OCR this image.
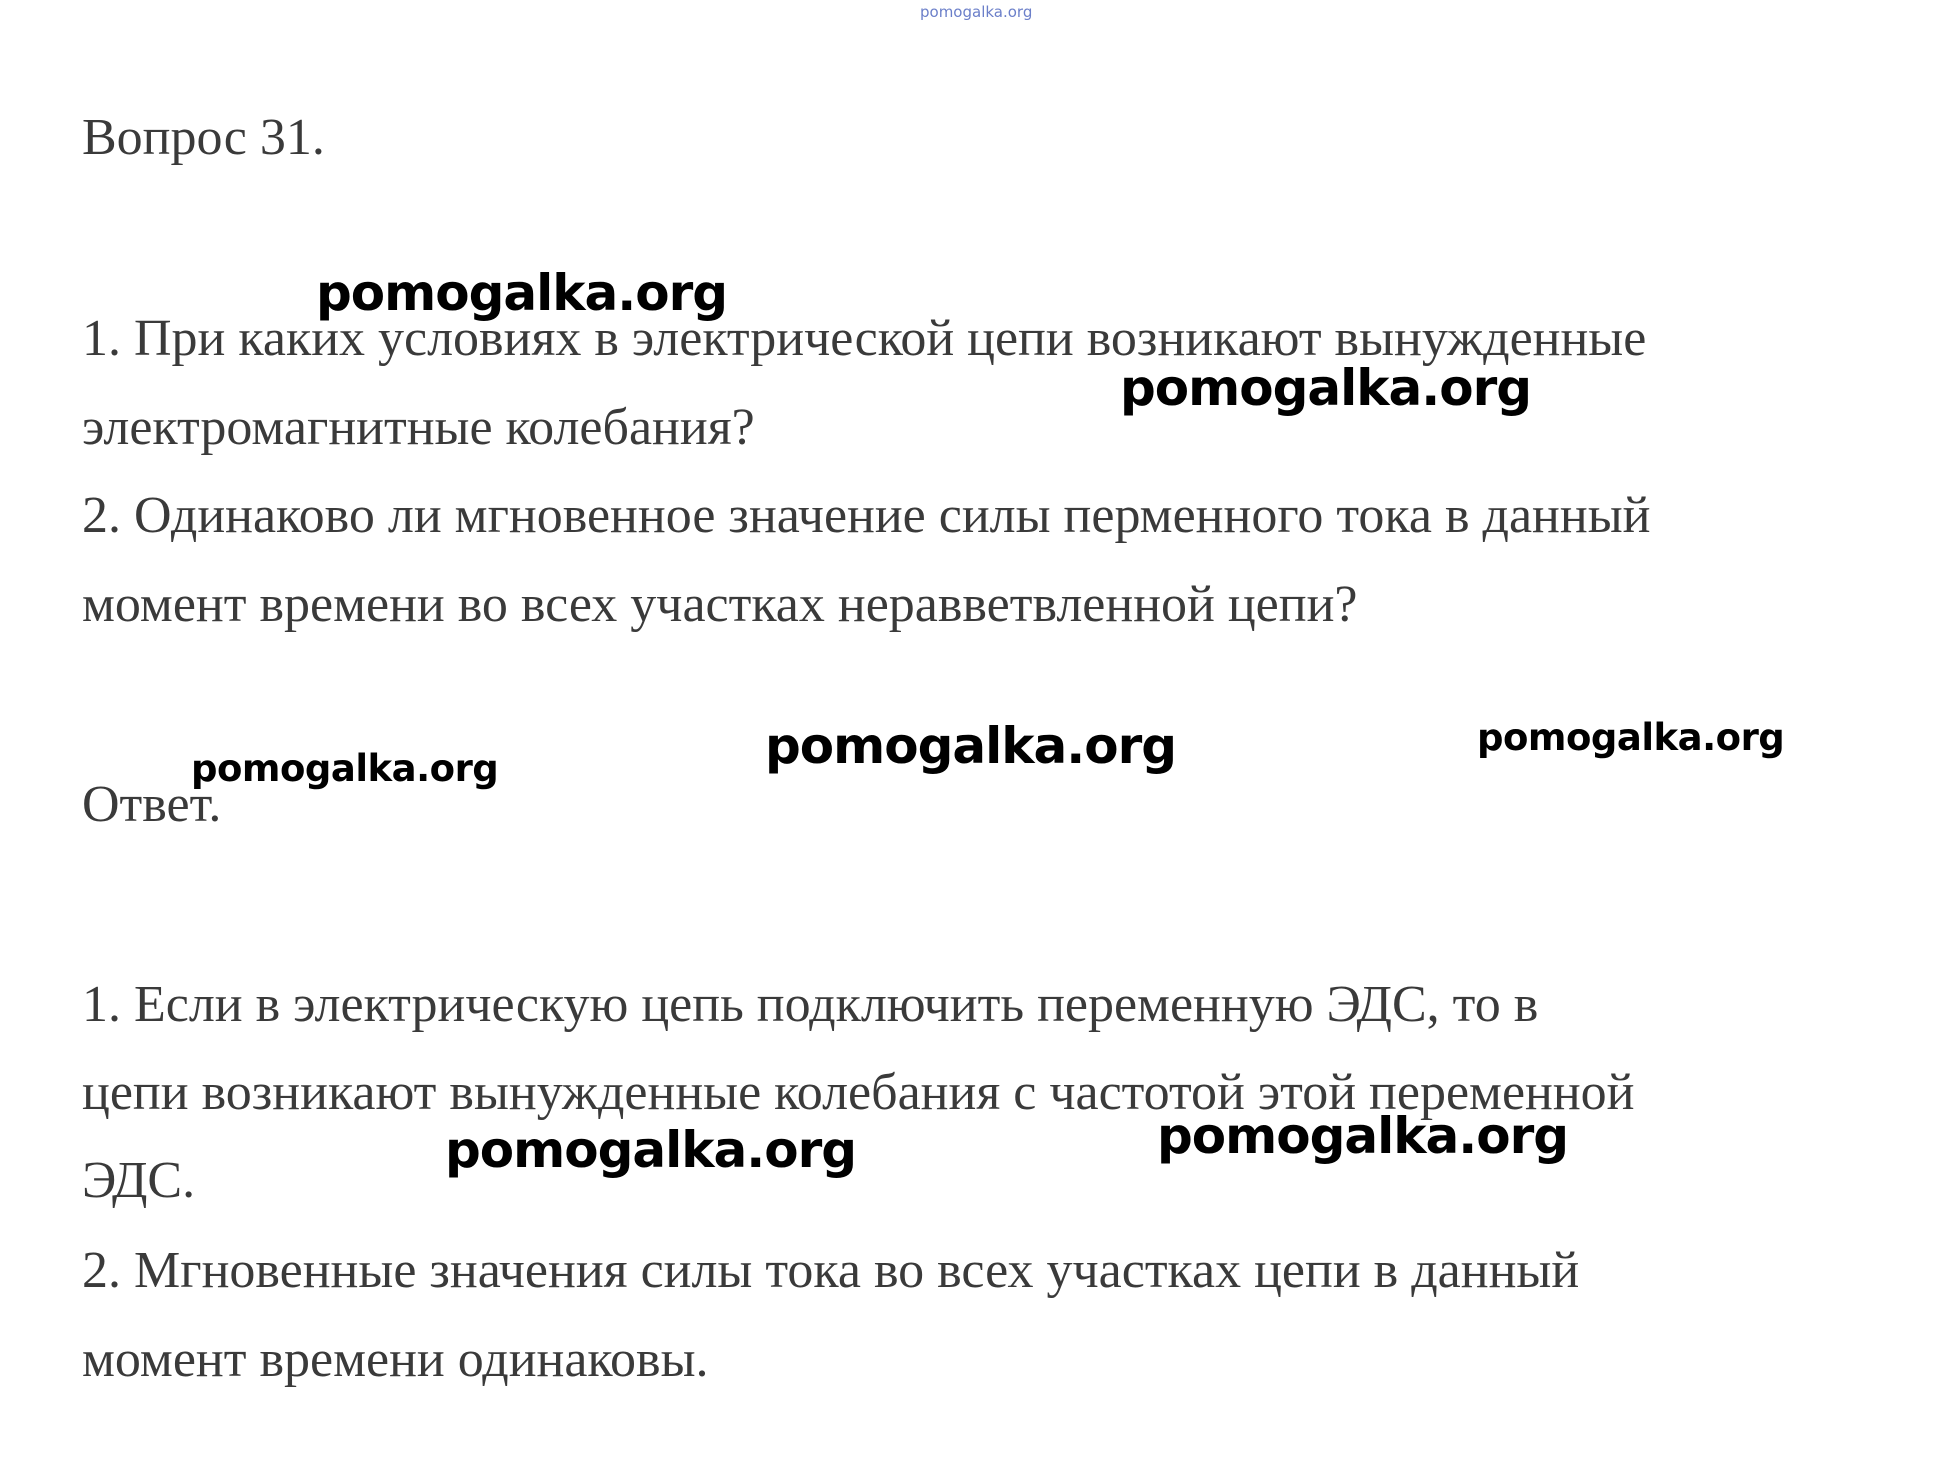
pomogalka.org
Вопрос 31.
1. При каких условиях в электрической цепи возникают вынужденные
электромагнитные колебания?
2. Одинаково ли мгновенное значение силы перменного тока в данный
момент времени во всех участках неравветвленной цепи?
Ответ.
1. Если в электрическую цепь подключить переменную ЭДС, то в
цепи возникают вынужденные колебания с частотой этой переменной
ЭДС.
2. Мгновенные значения силы тока во всех участках цепи в данный
момент времени одинаковы.
pomogalka.org
pomogalka.org
pomogalka.org	pomogalka.org
pomogalka.org
pomogalka.org	pomogalka.org
